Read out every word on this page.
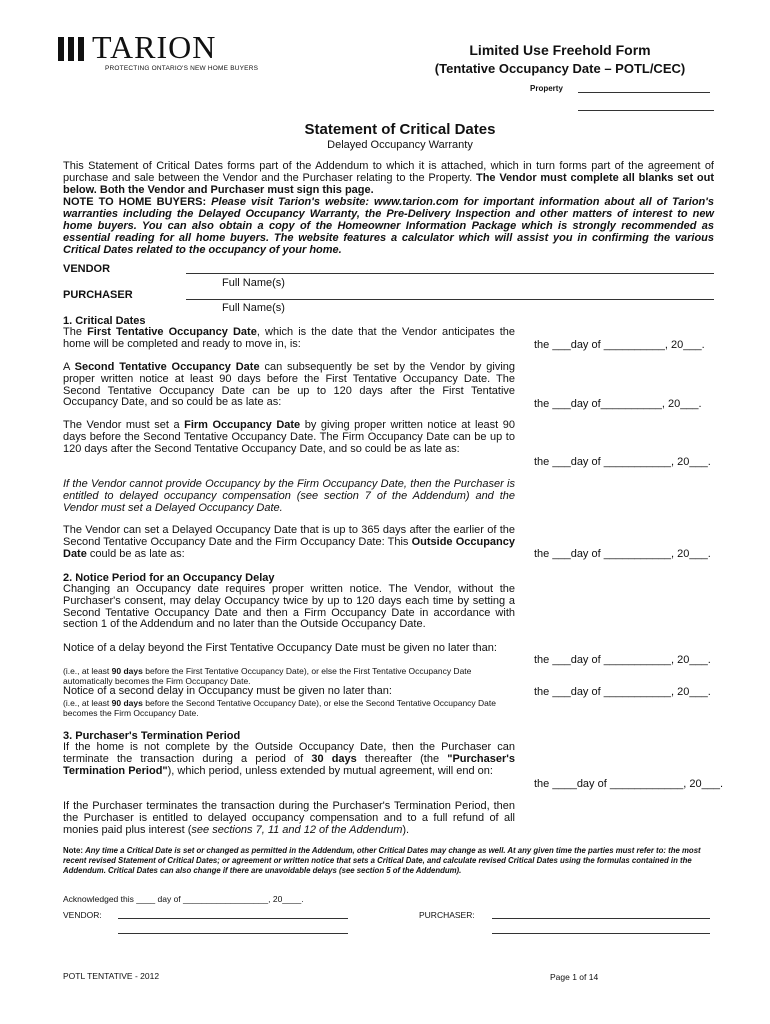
TARION
PROTECTING ONTARIO'S NEW HOME BUYERS
Limited Use Freehold Form
(Tentative Occupancy Date – POTL/CEC)
Property
Statement of Critical Dates
Delayed Occupancy Warranty
This Statement of Critical Dates forms part of the Addendum to which it is attached, which in turn forms part of the agreement of purchase and sale between the Vendor and the Purchaser relating to the Property. The Vendor must complete all blanks set out below. Both the Vendor and Purchaser must sign this page.
NOTE TO HOME BUYERS: Please visit Tarion's website: www.tarion.com for important information about all of Tarion's warranties including the Delayed Occupancy Warranty, the Pre-Delivery Inspection and other matters of interest to new home buyers. You can also obtain a copy of the Homeowner Information Package which is strongly recommended as essential reading for all home buyers. The website features a calculator which will assist you in confirming the various Critical Dates related to the occupancy of your home.
VENDOR
Full Name(s)
PURCHASER
Full Name(s)
1. Critical Dates
The First Tentative Occupancy Date, which is the date that the Vendor anticipates the home will be completed and ready to move in, is:	the ___day of __________, 20___.
A Second Tentative Occupancy Date can subsequently be set by the Vendor by giving proper written notice at least 90 days before the First Tentative Occupancy Date. The Second Tentative Occupancy Date can be up to 120 days after the First Tentative Occupancy Date, and so could be as late as:	the ___day of__________, 20___.
The Vendor must set a Firm Occupancy Date by giving proper written notice at least 90 days before the Second Tentative Occupancy Date. The Firm Occupancy Date can be up to 120 days after the Second Tentative Occupancy Date, and so could be as late as:
the ___day of ___________, 20___.
If the Vendor cannot provide Occupancy by the Firm Occupancy Date, then the Purchaser is entitled to delayed occupancy compensation (see section 7 of the Addendum) and the Vendor must set a Delayed Occupancy Date.
The Vendor can set a Delayed Occupancy Date that is up to 365 days after the earlier of the Second Tentative Occupancy Date and the Firm Occupancy Date: This Outside Occupancy Date could be as late as:	the ___day of ___________, 20___.
2. Notice Period for an Occupancy Delay
Changing an Occupancy date requires proper written notice. The Vendor, without the Purchaser's consent, may delay Occupancy twice by up to 120 days each time by setting a Second Tentative Occupancy Date and then a Firm Occupancy Date in accordance with section 1 of the Addendum and no later than the Outside Occupancy Date.
Notice of a delay beyond the First Tentative Occupancy Date must be given no later than:
(i.e., at least 90 days before the First Tentative Occupancy Date), or else the First Tentative Occupancy Date automatically becomes the Firm Occupancy Date.
the ___day of ___________, 20___.
Notice of a second delay in Occupancy must be given no later than:
(i.e., at least 90 days before the Second Tentative Occupancy Date), or else the Second Tentative Occupancy Date becomes the Firm Occupancy Date.
the ___day of ___________, 20___.
3. Purchaser's Termination Period
If the home is not complete by the Outside Occupancy Date, then the Purchaser can terminate the transaction during a period of 30 days thereafter (the "Purchaser's Termination Period"), which period, unless extended by mutual agreement, will end on:
the ____day of ____________, 20___.
If the Purchaser terminates the transaction during the Purchaser's Termination Period, then the Purchaser is entitled to delayed occupancy compensation and to a full refund of all monies paid plus interest (see sections 7, 11 and 12 of the Addendum).
Note: Any time a Critical Date is set or changed as permitted in the Addendum, other Critical Dates may change as well. At any given time the parties must refer to: the most recent revised Statement of Critical Dates; or agreement or written notice that sets a Critical Date, and calculate revised Critical Dates using the formulas contained in the Addendum. Critical Dates can also change if there are unavoidable delays (see section 5 of the Addendum).
Acknowledged this ____ day of __________________, 20____.
VENDOR:	PURCHASER:
POTL TENTATIVE - 2012	Page 1 of 14
